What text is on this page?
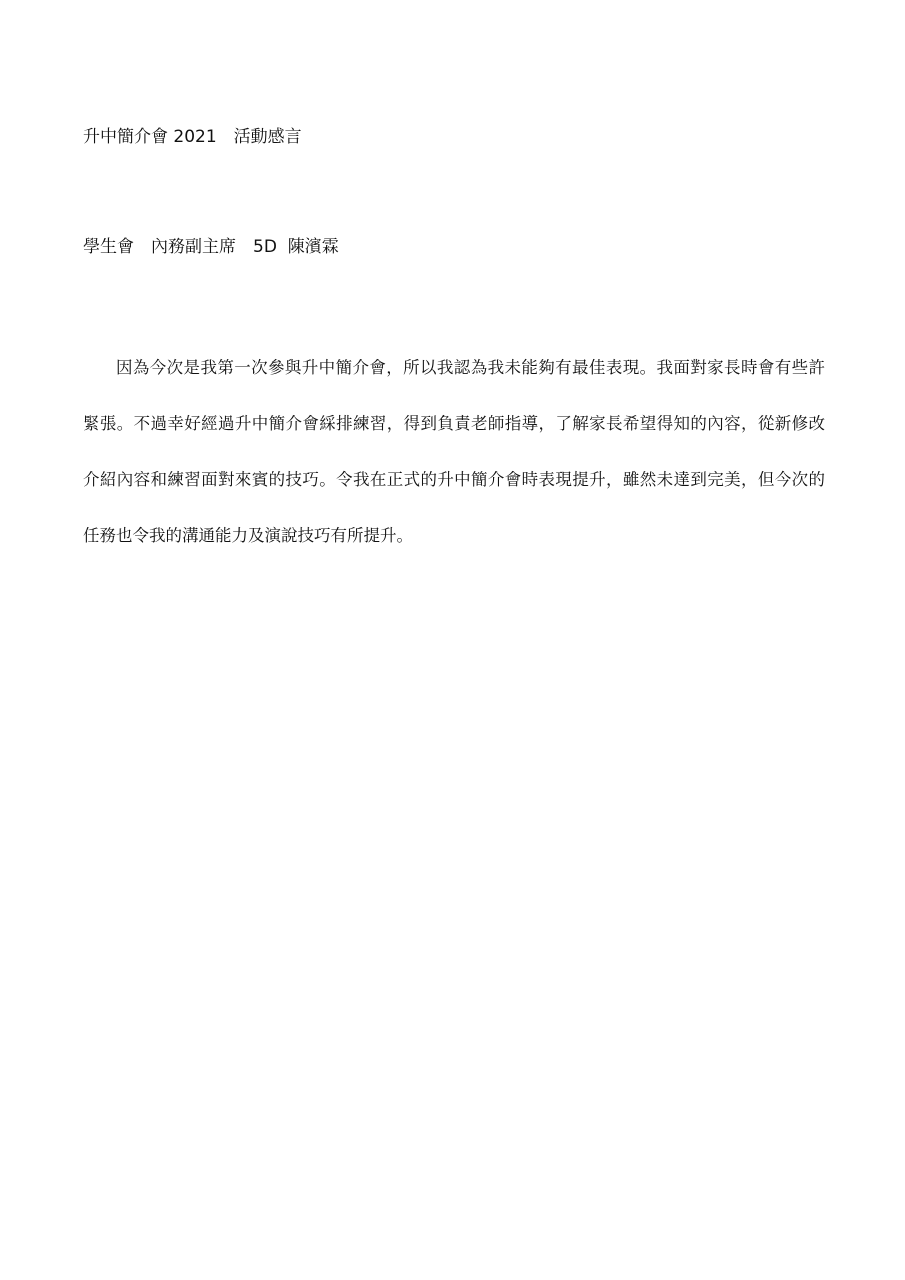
升中簡介會 2021　活動感言
學生會　內務副主席　5D  陳濱霖

因為今次是我第一次參與升中簡介會，所以我認為我未能夠有最佳表現。我面對家長時會有些許緊張。不過幸好經過升中簡介會綵排練習，得到負責老師指導，了解家長希望得知的內容，從新修改介紹內容和練習面對來賓的技巧。令我在正式的升中簡介會時表現提升，雖然未達到完美，但今次的任務也令我的溝通能力及演說技巧有所提升。
